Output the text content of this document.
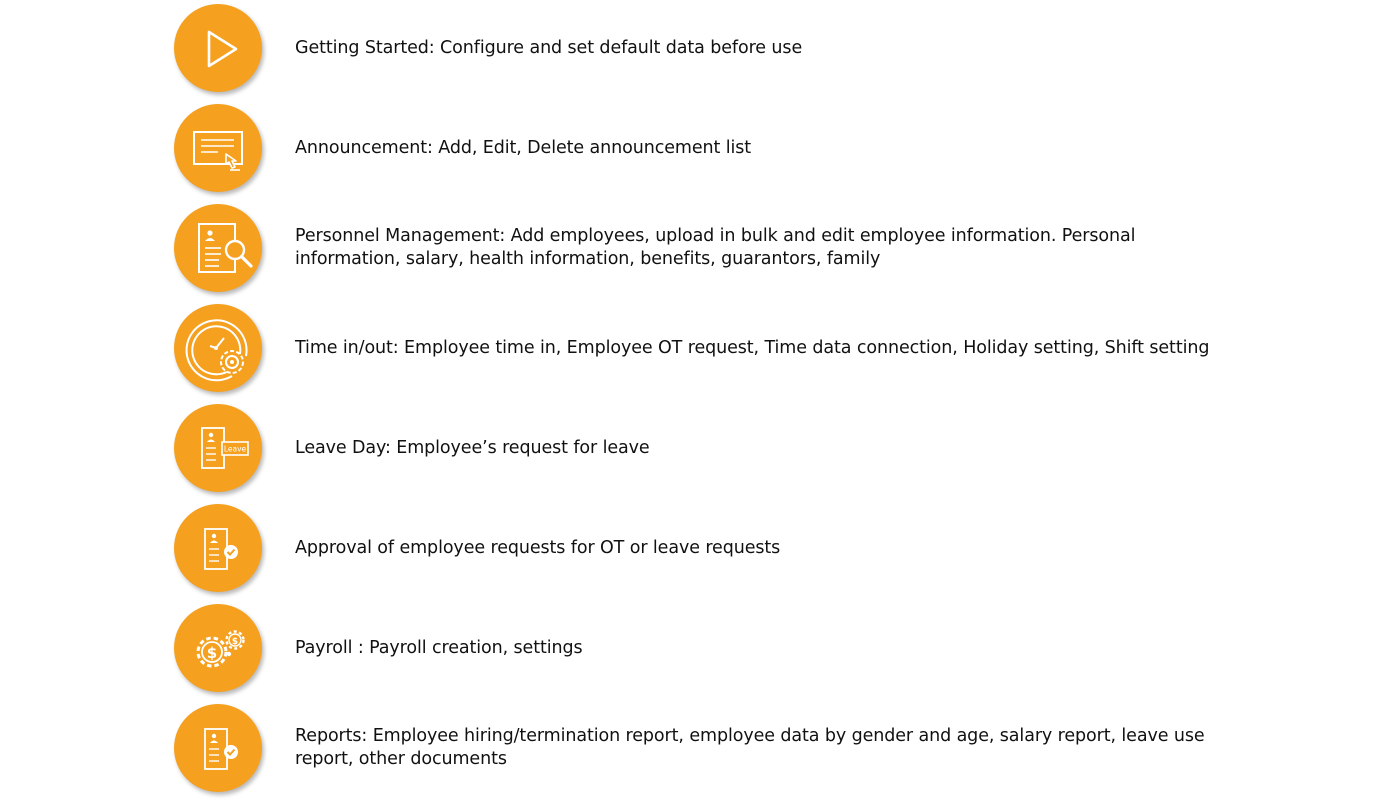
Getting Started: Configure and set default data before use
Announcement: Add, Edit, Delete announcement list
Personnel Management: Add employees, upload in bulk and edit employee information. Personal information, salary, health information, benefits, guarantors, family
Time in/out: Employee time in, Employee OT request, Time data connection, Holiday setting, Shift setting
Leave	Leave Day: Employee’s request for leave
Approval of employee requests for OT or leave requests
$
$	Payroll : Payroll creation, settings
Reports: Employee hiring/termination report, employee data by gender and age, salary report, leave use report, other documents
